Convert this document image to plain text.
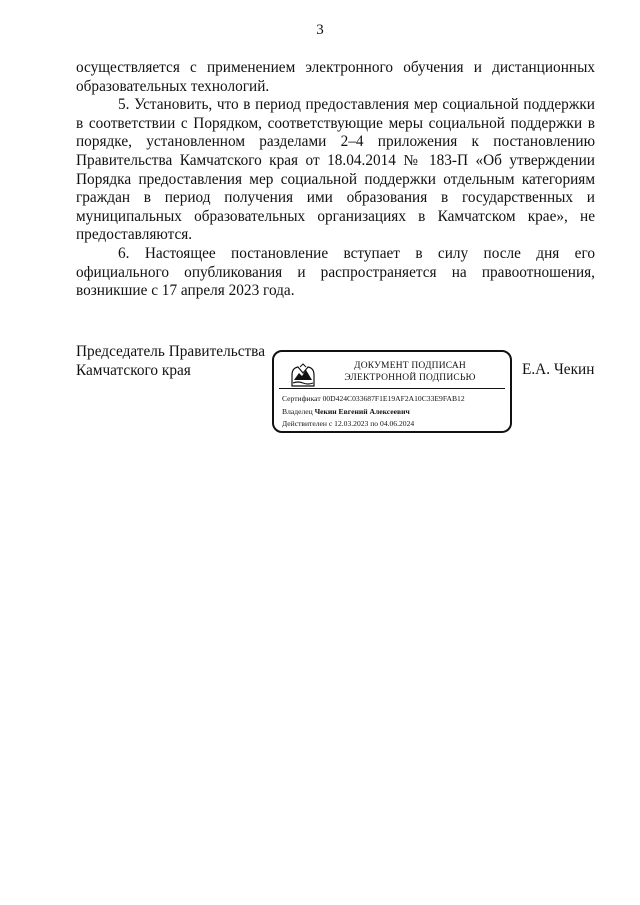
3

осуществляется с применением электронного обучения и дистанционных образовательных технологий.

5. Установить, что в период предоставления мер социальной поддержки в соответствии с Порядком, соответствующие меры социальной поддержки в порядке, установленном разделами 2–4 приложения к постановлению Правительства Камчатского края от 18.04.2014 № 183-П «Об утверждении Порядка предоставления мер социальной поддержки отдельным категориям граждан в период получения ими образования в государственных и муниципальных образовательных организациях в Камчатском крае», не предоставляются.

6. Настоящее постановление вступает в силу после дня его официального опубликования и распространяется на правоотношения, возникшие с 17 апреля 2023 года.

Председатель Правительства
Камчатского края	ДОКУМЕНТ ПОДПИСАН
ЭЛЕКТРОННОЙ ПОДПИСЬЮ
Сертификат 00D424C033687F1E19AF2A10C33E9FAB12
Владелец Чекин Евгений Алексеевич
Действителен с 12.03.2023 по 04.06.2024
Е.А. Чекин
